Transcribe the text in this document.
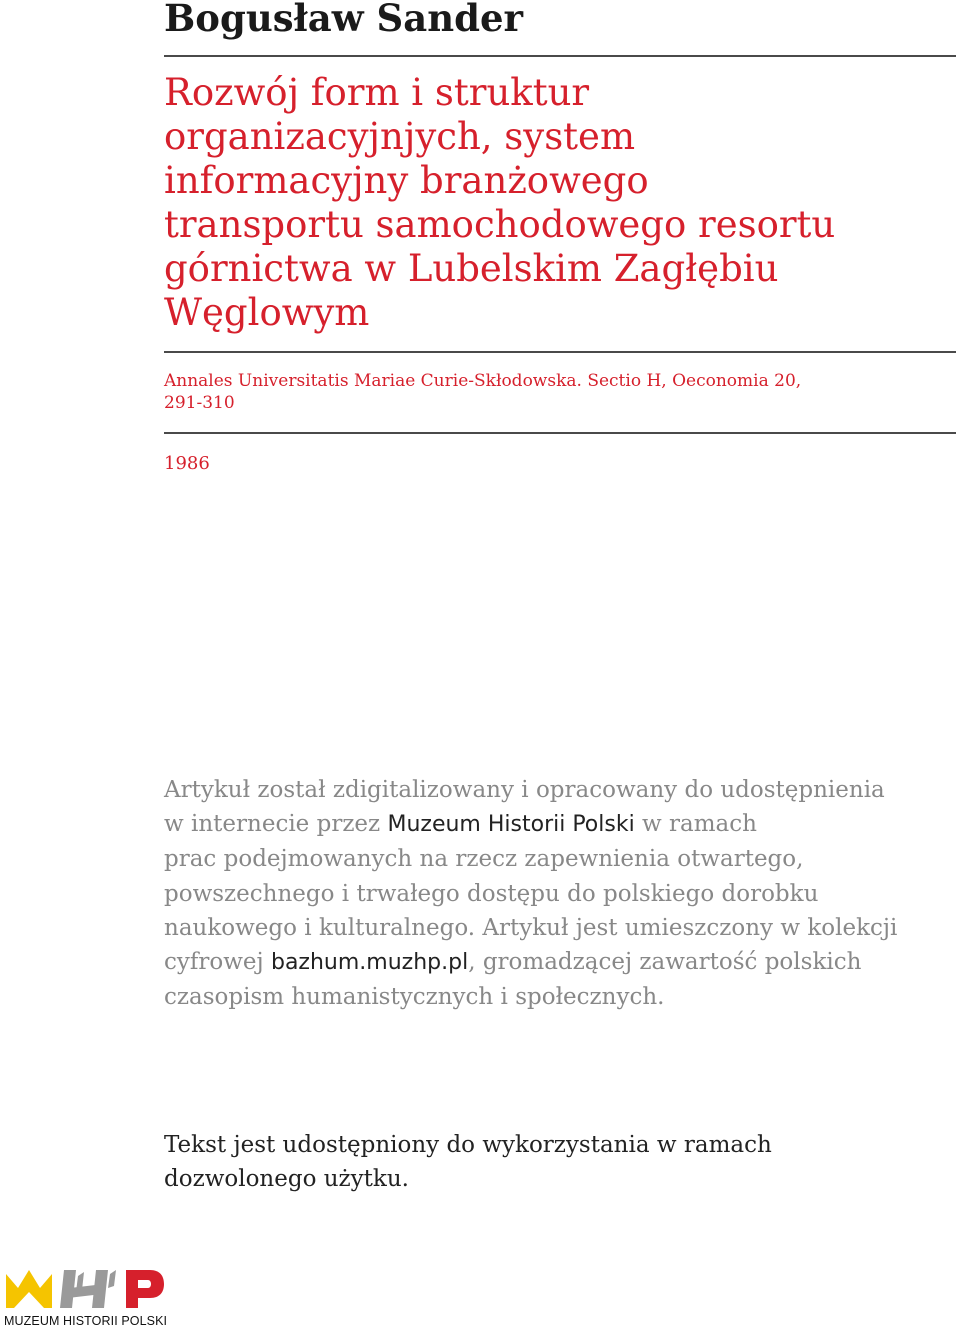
Bogusław Sander
Rozwój form i struktur
organizacyjnjych, system
informacyjny branżowego
transportu samochodowego resortu
górnictwa w Lubelskim Zagłębiu
Węglowym

Annales Universitatis Mariae Curie-Skłodowska. Sectio H, Oeconomia 20,
291-310

1986

Artykuł został zdigitalizowany i opracowany do udostępnienia
w internecie przez Muzeum Historii Polski w ramach
prac podejmowanych na rzecz zapewnienia otwartego,
powszechnego i trwałego dostępu do polskiego dorobku
naukowego i kulturalnego. Artykuł jest umieszczony w kolekcji
cyfrowej bazhum.muzhp.pl, gromadzącej zawartość polskich
czasopism humanistycznych i społecznych.

Tekst jest udostępniony do wykorzystania w ramach
dozwolonego użytku.

MUZEUM HISTORII POLSKI
